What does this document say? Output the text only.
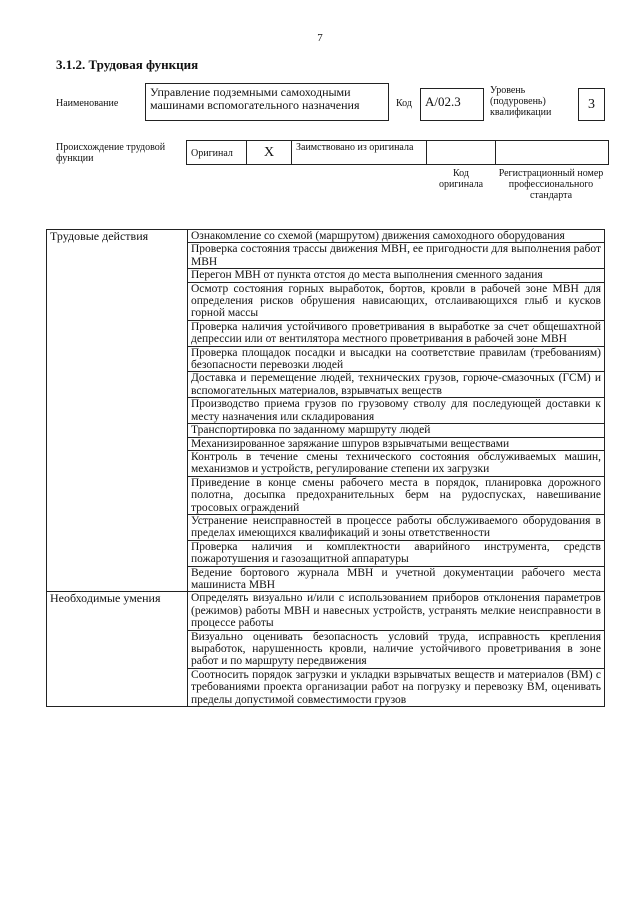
7
3.1.2. Трудовая функция
Наименование
Управление подземными самоходными машинами вспомогательного назначения	Код	А/02.3
Уровень (подуровень) квалификации
3
Происхождение трудовой функции	Оригинал	X	Заимствовано из оригинала
Код оригинала
Регистрационный номер профессионального стандарта
Трудовые действия	Ознакомление со схемой (маршрутом) движения самоходного оборудования
	Проверка состояния трассы движения МВН, ее пригодности для выполнения работ МВН
	Перегон МВН от пункта отстоя до места выполнения сменного задания
	Осмотр состояния горных выработок, бортов, кровли в рабочей зоне МВН для определения рисков обрушения нависающих, отслаивающихся глыб и кусков горной массы
	Проверка наличия устойчивого проветривания в выработке за счет общешахтной депрессии или от вентилятора местного проветривания в рабочей зоне МВН
	Проверка площадок посадки и высадки на соответствие правилам (требованиям) безопасности перевозки людей
	Доставка и перемещение людей, технических грузов, горюче-смазочных (ГСМ) и вспомогательных материалов, взрывчатых веществ
	Производство приема грузов по грузовому стволу для последующей доставки к месту назначения или складирования
	Транспортировка по заданному маршруту людей
	Механизированное заряжание шпуров взрывчатыми веществами
	Контроль в течение смены технического состояния обслуживаемых машин, механизмов и устройств, регулирование степени их загрузки
	Приведение в конце смены рабочего места в порядок, планировка дорожного полотна, досыпка предохранительных берм на рудоспусках, навешивание тросовых ограждений
	Устранение неисправностей в процессе работы обслуживаемого оборудования в пределах имеющихся квалификаций и зоны ответственности
	Проверка наличия и комплектности аварийного инструмента, средств пожаротушения и газозащитной аппаратуры
	Ведение бортового журнала МВН и учетной документации рабочего места машиниста МВН
Необходимые умения	Определять визуально и/или с использованием приборов отклонения параметров (режимов) работы МВН и навесных устройств, устранять мелкие неисправности в процессе работы
	Визуально оценивать безопасность условий труда, исправность крепления выработок, нарушенность кровли, наличие устойчивого проветривания в зоне работ и по маршруту передвижения
	Соотносить порядок загрузки и укладки взрывчатых веществ и материалов (ВМ) с требованиями проекта организации работ на погрузку и перевозку ВМ, оценивать пределы допустимой совместимости грузов
